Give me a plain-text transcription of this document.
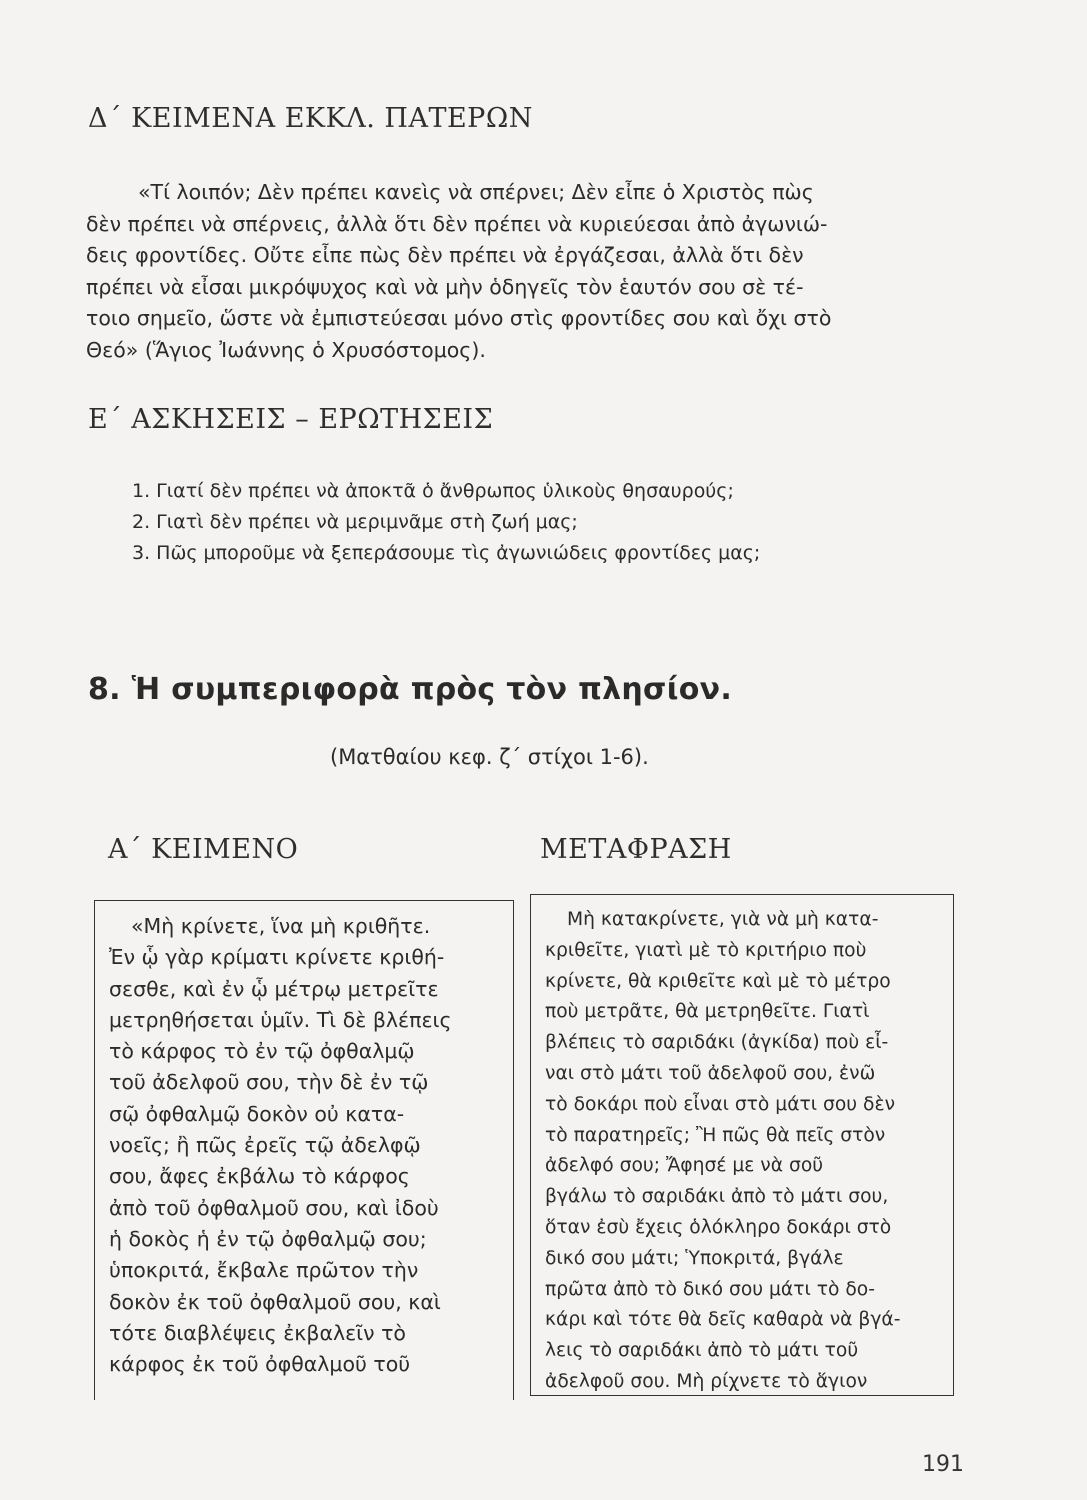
Δ΄ ΚΕΙΜΕΝΑ ΕΚΚΛ. ΠΑΤΕΡΩΝ
«Τί λοιπόν; Δὲν πρέπει κανεὶς νὰ σπέρνει; Δὲν εἶπε ὁ Χριστὸς πὼς
δὲν πρέπει νὰ σπέρνεις, ἀλλὰ ὅτι δὲν πρέπει νὰ κυριεύεσαι ἀπὸ ἀγωνιώ-
δεις φροντίδες. Οὔτε εἶπε πὼς δὲν πρέπει νὰ ἐργάζεσαι, ἀλλὰ ὅτι δὲν
πρέπει νὰ εἶσαι μικρόψυχος καὶ νὰ μὴν ὁδηγεῖς τὸν ἑαυτόν σου σὲ τέ-
τοιο σημεῖο, ὥστε νὰ ἐμπιστεύεσαι μόνο στὶς φροντίδες σου καὶ ὄχι στὸ
Θεό» (Ἅγιος Ἰωάννης ὁ Χρυσόστομος).
Ε΄ ΑΣΚΗΣΕΙΣ – ΕΡΩΤΗΣΕΙΣ
1. Γιατί δὲν πρέπει νὰ ἀποκτᾶ ὁ ἄνθρωπος ὑλικοὺς θησαυρούς;
2. Γιατὶ δὲν πρέπει νὰ μεριμνᾶμε στὴ ζωή μας;
3. Πῶς μποροῦμε νὰ ξεπεράσουμε τὶς ἀγωνιώδεις φροντίδες μας;
8. Ἡ συμπεριφορὰ πρὸς τὸν πλησίον.
(Ματθαίου κεφ. ζ΄ στίχοι 1-6).
Α΄ ΚΕΙΜΕΝΟ	ΜΕΤΑΦΡΑΣΗ
«Μὴ κρίνετε, ἵνα μὴ κριθῆτε.
Ἐν ᾧ γὰρ κρίματι κρίνετε κριθή-
σεσθε, καὶ ἐν ᾧ μέτρῳ μετρεῖτε
μετρηθήσεται ὑμῖν. Τὶ δὲ βλέπεις
τὸ κάρφος τὸ ἐν τῷ ὀφθαλμῷ
τοῦ ἀδελφοῦ σου, τὴν δὲ ἐν τῷ
σῷ ὀφθαλμῷ δοκὸν οὐ κατα-
νοεῖς; ἢ πῶς ἐρεῖς τῷ ἀδελφῷ
σου, ἄφες ἐκβάλω τὸ κάρφος
ἀπὸ τοῦ ὀφθαλμοῦ σου, καὶ ἰδοὺ
ἡ δοκὸς ἡ ἐν τῷ ὀφθαλμῷ σου;
ὑποκριτά, ἔκβαλε πρῶτον τὴν
δοκὸν ἐκ τοῦ ὀφθαλμοῦ σου, καὶ
τότε διαβλέψεις ἐκβαλεῖν τὸ
κάρφος ἐκ τοῦ ὀφθαλμοῦ τοῦ
Μὴ κατακρίνετε, γιὰ νὰ μὴ κατα-
κριθεῖτε, γιατὶ μὲ τὸ κριτήριο ποὺ
κρίνετε, θὰ κριθεῖτε καὶ μὲ τὸ μέτρο
ποὺ μετρᾶτε, θὰ μετρηθεῖτε. Γιατὶ
βλέπεις τὸ σαριδάκι (ἀγκίδα) ποὺ εἶ-
ναι στὸ μάτι τοῦ ἀδελφοῦ σου, ἐνῶ
τὸ δοκάρι ποὺ εἶναι στὸ μάτι σου δὲν
τὸ παρατηρεῖς; Ἢ πῶς θὰ πεῖς στὸν
ἀδελφό σου; Ἄφησέ με νὰ σοῦ
βγάλω τὸ σαριδάκι ἀπὸ τὸ μάτι σου,
ὅταν ἐσὺ ἔχεις ὁλόκληρο δοκάρι στὸ
δικό σου μάτι; Ὑποκριτά, βγάλε
πρῶτα ἀπὸ τὸ δικό σου μάτι τὸ δο-
κάρι καὶ τότε θὰ δεῖς καθαρὰ νὰ βγά-
λεις τὸ σαριδάκι ἀπὸ τὸ μάτι τοῦ
ἀδελφοῦ σου. Μὴ ρίχνετε τὸ ἅγιον
191
